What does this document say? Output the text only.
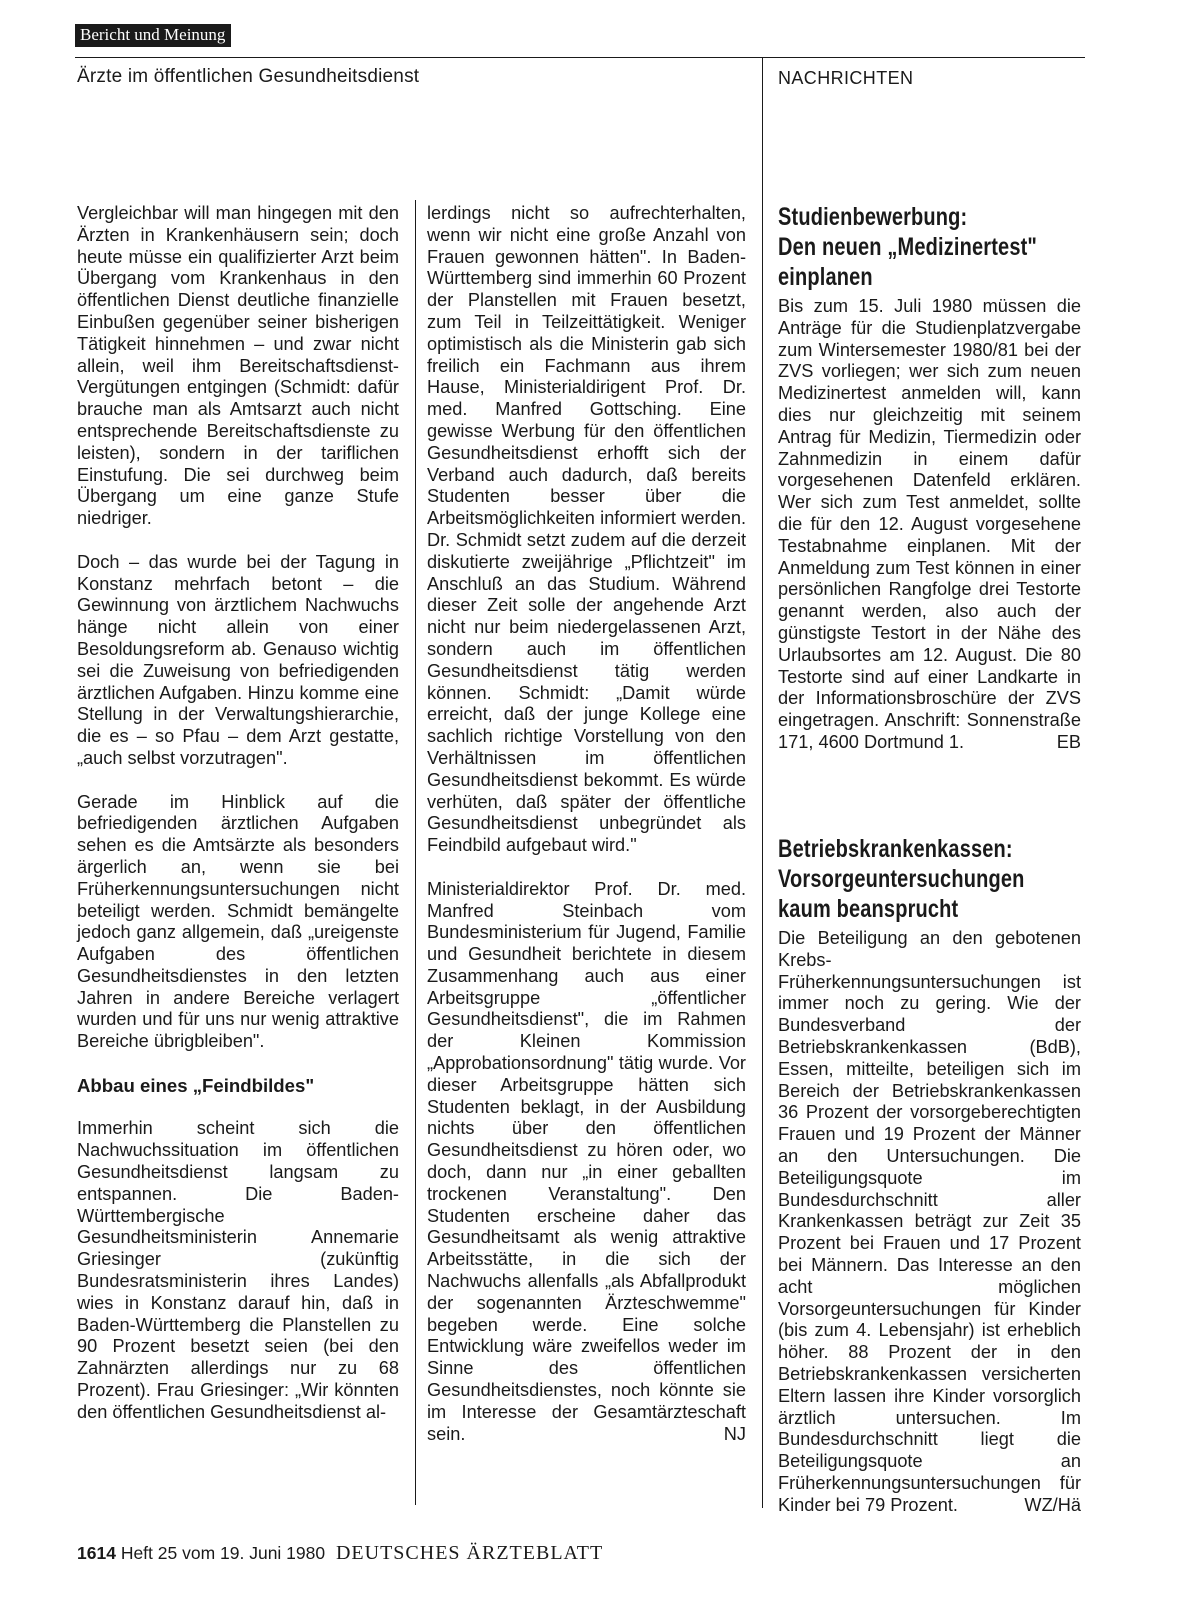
Bericht und Meinung
Ärzte im öffentlichen Gesundheitsdienst	NACHRICHTEN

Vergleichbar will man hingegen mit den Ärzten in Krankenhäusern sein; doch heute müsse ein qualifizierter Arzt beim Übergang vom Krankenhaus in den öffentlichen Dienst deutliche finanzielle Einbußen gegenüber seiner bisherigen Tätigkeit hinnehmen – und zwar nicht allein, weil ihm Bereitschaftsdienst-Vergütungen entgingen (Schmidt: dafür brauche man als Amtsarzt auch nicht entsprechende Bereitschaftsdienste zu leisten), sondern in der tariflichen Einstufung. Die sei durchweg beim Übergang um eine ganze Stufe niedriger.

Doch – das wurde bei der Tagung in Konstanz mehrfach betont – die Gewinnung von ärztlichem Nachwuchs hänge nicht allein von einer Besoldungsreform ab. Genauso wichtig sei die Zuweisung von befriedigenden ärztlichen Aufgaben. Hinzu komme eine Stellung in der Verwaltungshierarchie, die es – so Pfau – dem Arzt gestatte, „auch selbst vorzutragen".

Gerade im Hinblick auf die befriedigenden ärztlichen Aufgaben sehen es die Amtsärzte als besonders ärgerlich an, wenn sie bei Früherkennungsuntersuchungen nicht beteiligt werden. Schmidt bemängelte jedoch ganz allgemein, daß „ureigenste Aufgaben des öffentlichen Gesundheitsdienstes in den letzten Jahren in andere Bereiche verlagert wurden und für uns nur wenig attraktive Bereiche übrigbleiben".

Abbau eines „Feindbildes"

Immerhin scheint sich die Nachwuchssituation im öffentlichen Gesundheitsdienst langsam zu entspannen. Die Baden-Württembergische Gesundheitsministerin Annemarie Griesinger (zukünftig Bundesratsministerin ihres Landes) wies in Konstanz darauf hin, daß in Baden-Württemberg die Planstellen zu 90 Prozent besetzt seien (bei den Zahnärzten allerdings nur zu 68 Prozent). Frau Griesinger: „Wir könnten den öffentlichen Gesundheitsdienst al-

lerdings nicht so aufrechterhalten, wenn wir nicht eine große Anzahl von Frauen gewonnen hätten". In Baden-Württemberg sind immerhin 60 Prozent der Planstellen mit Frauen besetzt, zum Teil in Teilzeittätigkeit. Weniger optimistisch als die Ministerin gab sich freilich ein Fachmann aus ihrem Hause, Ministerialdirigent Prof. Dr. med. Manfred Gottsching. Eine gewisse Werbung für den öffentlichen Gesundheitsdienst erhofft sich der Verband auch dadurch, daß bereits Studenten besser über die Arbeitsmöglichkeiten informiert werden. Dr. Schmidt setzt zudem auf die derzeit diskutierte zweijährige „Pflichtzeit" im Anschluß an das Studium. Während dieser Zeit solle der angehende Arzt nicht nur beim niedergelassenen Arzt, sondern auch im öffentlichen Gesundheitsdienst tätig werden können. Schmidt: „Damit würde erreicht, daß der junge Kollege eine sachlich richtige Vorstellung von den Verhältnissen im öffentlichen Gesundheitsdienst bekommt. Es würde verhüten, daß später der öffentliche Gesundheitsdienst unbegründet als Feindbild aufgebaut wird."

Ministerialdirektor Prof. Dr. med. Manfred Steinbach vom Bundesministerium für Jugend, Familie und Gesundheit berichtete in diesem Zusammenhang auch aus einer Arbeitsgruppe „öffentlicher Gesundheitsdienst", die im Rahmen der Kleinen Kommission „Approbationsordnung" tätig wurde. Vor dieser Arbeitsgruppe hätten sich Studenten beklagt, in der Ausbildung nichts über den öffentlichen Gesundheitsdienst zu hören oder, wo doch, dann nur „in einer geballten trockenen Veranstaltung". Den Studenten erscheine daher das Gesundheitsamt als wenig attraktive Arbeitsstätte, in die sich der Nachwuchs allenfalls „als Abfallprodukt der sogenannten Ärzteschwemme" begeben werde. Eine solche Entwicklung wäre zweifellos weder im Sinne des öffentlichen Gesundheitsdienstes, noch könnte sie im Interesse der Gesamtärzteschaft sein.	NJ

Studienbewerbung:
Den neuen „Medizinertest"
einplanen

Bis zum 15. Juli 1980 müssen die Anträge für die Studienplatzvergabe zum Wintersemester 1980/81 bei der ZVS vorliegen; wer sich zum neuen Medizinertest anmelden will, kann dies nur gleichzeitig mit seinem Antrag für Medizin, Tiermedizin oder Zahnmedizin in einem dafür vorgesehenen Datenfeld erklären. Wer sich zum Test anmeldet, sollte die für den 12. August vorgesehene Testabnahme einplanen. Mit der Anmeldung zum Test können in einer persönlichen Rangfolge drei Testorte genannt werden, also auch der günstigste Testort in der Nähe des Urlaubsortes am 12. August. Die 80 Testorte sind auf einer Landkarte in der Informationsbroschüre der ZVS eingetragen. Anschrift: Sonnenstraße 171, 4600 Dortmund 1.	EB

Betriebskrankenkassen:
Vorsorgeuntersuchungen
kaum beansprucht

Die Beteiligung an den gebotenen Krebs-Früherkennungsuntersuchungen ist immer noch zu gering. Wie der Bundesverband der Betriebskrankenkassen (BdB), Essen, mitteilte, beteiligen sich im Bereich der Betriebskrankenkassen 36 Prozent der vorsorgeberechtigten Frauen und 19 Prozent der Männer an den Untersuchungen. Die Beteiligungsquote im Bundesdurchschnitt aller Krankenkassen beträgt zur Zeit 35 Prozent bei Frauen und 17 Prozent bei Männern. Das Interesse an den acht möglichen Vorsorgeuntersuchungen für Kinder (bis zum 4. Lebensjahr) ist erheblich höher. 88 Prozent der in den Betriebskrankenkassen versicherten Eltern lassen ihre Kinder vorsorglich ärztlich untersuchen. Im Bundesdurchschnitt liegt die Beteiligungsquote an Früherkennungsuntersuchungen für Kinder bei 79 Prozent.	WZ/Hä

1614 Heft 25 vom 19. Juni 1980 DEUTSCHES ÄRZTEBLATT
